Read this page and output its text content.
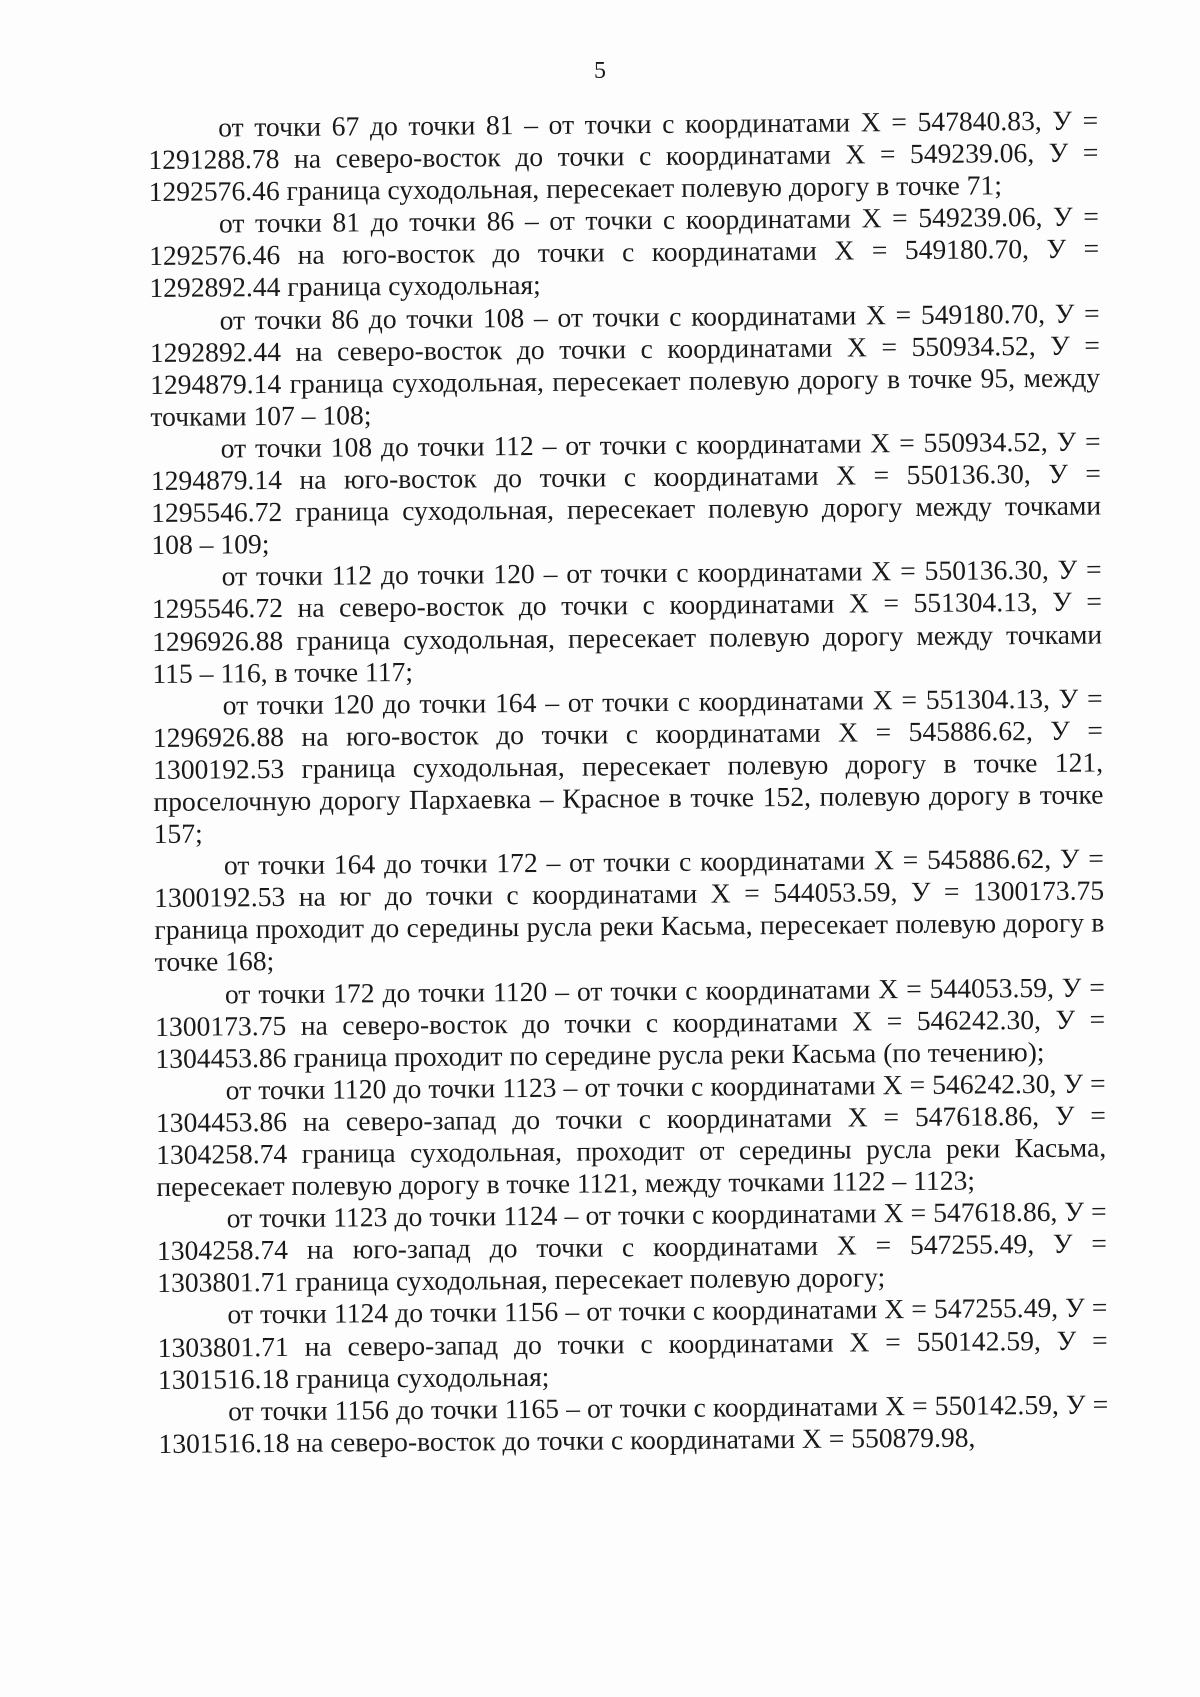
5

от точки 67 до точки 81 – от точки с координатами Х = 547840.83, У = 1291288.78 на северо-восток до точки с координатами Х = 549239.06, У = 1292576.46 граница суходольная, пересекает полевую дорогу в точке 71;

от точки 81 до точки 86 – от точки с координатами Х = 549239.06, У = 1292576.46 на юго-восток до точки с координатами Х = 549180.70, У = 1292892.44 граница суходольная;

от точки 86 до точки 108 – от точки с координатами Х = 549180.70, У = 1292892.44 на северо-восток до точки с координатами Х = 550934.52, У = 1294879.14 граница суходольная, пересекает полевую дорогу в точке 95, между точками 107 – 108;

от точки 108 до точки 112 – от точки с координатами Х = 550934.52, У = 1294879.14 на юго-восток до точки с координатами Х = 550136.30, У = 1295546.72 граница суходольная, пересекает полевую дорогу между точками 108 – 109;

от точки 112 до точки 120 – от точки с координатами Х = 550136.30, У = 1295546.72 на северо-восток до точки с координатами Х = 551304.13, У = 1296926.88 граница суходольная, пересекает полевую дорогу между точками 115 – 116, в точке 117;

от точки 120 до точки 164 – от точки с координатами Х = 551304.13, У = 1296926.88 на юго-восток до точки с координатами Х = 545886.62, У = 1300192.53 граница суходольная, пересекает полевую дорогу в точке 121, проселочную дорогу Пархаевка – Красное в точке 152, полевую дорогу в точке 157;

от точки 164 до точки 172 – от точки с координатами Х = 545886.62, У = 1300192.53 на юг до точки с координатами Х = 544053.59, У = 1300173.75 граница проходит до середины русла реки Касьма, пересекает полевую дорогу в точке 168;

от точки 172 до точки 1120 – от точки с координатами Х = 544053.59, У = 1300173.75 на северо-восток до точки с координатами Х = 546242.30, У = 1304453.86 граница проходит по середине русла реки Касьма (по течению);

от точки 1120 до точки 1123 – от точки с координатами Х = 546242.30, У = 1304453.86 на северо-запад до точки с координатами Х = 547618.86, У = 1304258.74 граница суходольная, проходит от середины русла реки Касьма, пересекает полевую дорогу в точке 1121, между точками 1122 – 1123;

от точки 1123 до точки 1124 – от точки с координатами Х = 547618.86, У = 1304258.74 на юго-запад до точки с координатами Х = 547255.49, У = 1303801.71 граница суходольная, пересекает полевую дорогу;

от точки 1124 до точки 1156 – от точки с координатами Х = 547255.49, У = 1303801.71 на северо-запад до точки с координатами Х = 550142.59, У = 1301516.18 граница суходольная;

от точки 1156 до точки 1165 – от точки с координатами Х = 550142.59, У = 1301516.18 на северо-восток до точки с координатами Х = 550879.98,
